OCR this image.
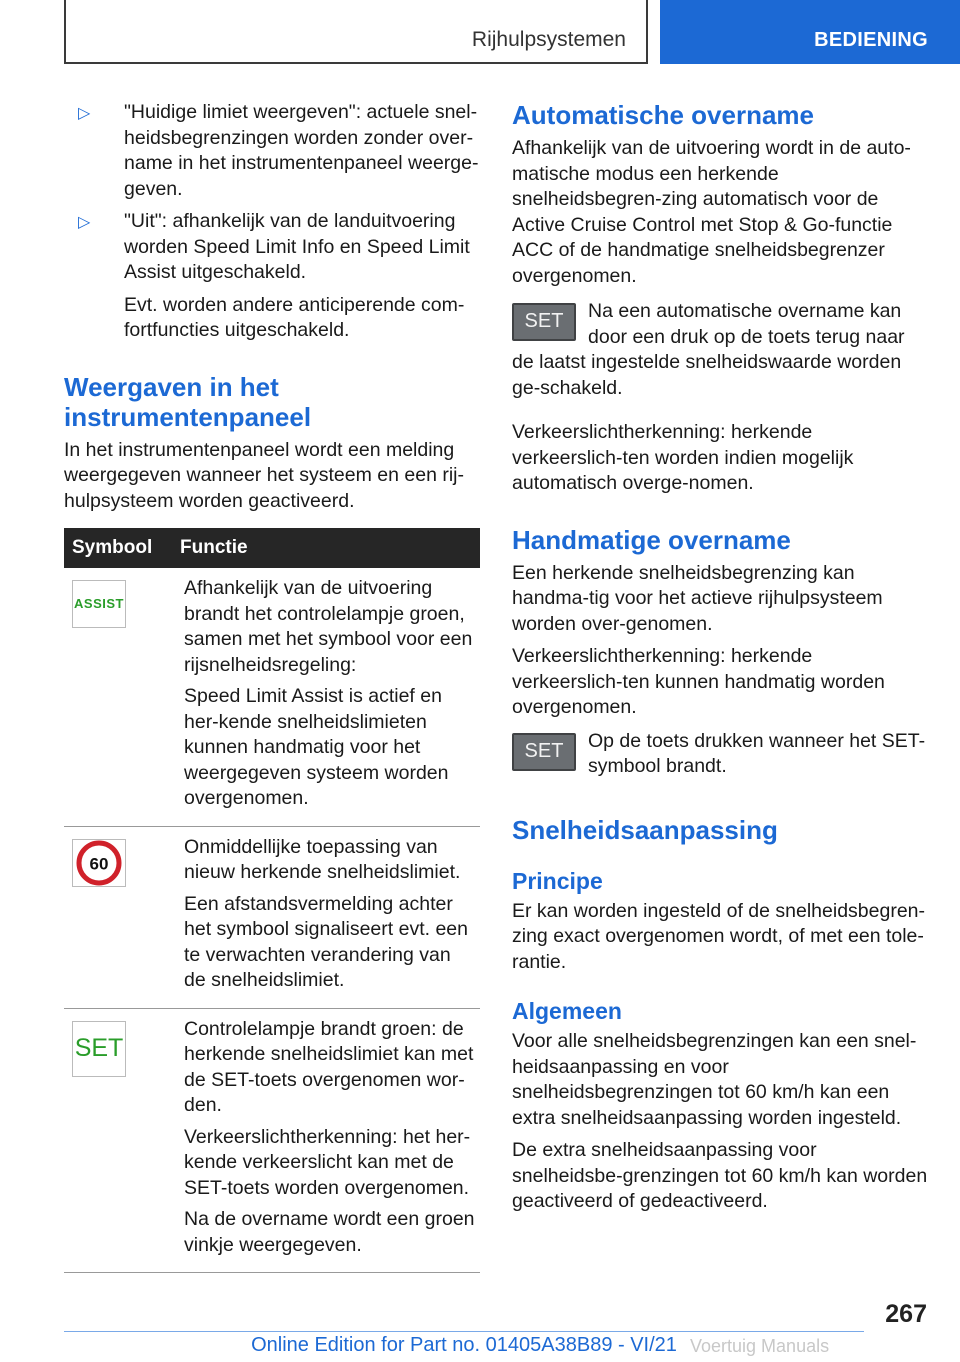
Rijhulpsystemen	BEDIENING
▷ "Huidige limiet weergeven": actuele snel-heidsbegrenzingen worden zonder over-name in het instrumentenpaneel weerge-geven.
▷ "Uit": afhankelijk van de landuitvoering worden Speed Limit Info en Speed Limit Assist uitgeschakeld.
Evt. worden andere anticiperende com-fortfuncties uitgeschakeld.
Weergaven in het instrumentenpaneel

In het instrumentenpaneel wordt een melding weergegeven wanneer het systeem en een rij-hulpsysteem worden geactiveerd.

Symbool	Functie

ASSIST	Afhankelijk van de uitvoering brandt het controlelampje groen, samen met het symbool voor een rijsnelheidsregeling:

Speed Limit Assist is actief en her-kende snelheidslimieten kunnen handmatig voor het weergegeven systeem worden overgenomen.

60	Onmiddellijke toepassing van nieuw herkende snelheidslimiet.

Een afstandsvermelding achter het symbool signaliseert evt. een te verwachten verandering van de snelheidslimiet.

SET	Controlelampje brandt groen: de herkende snelheidslimiet kan met de SET-toets overgenomen wor-den.

Verkeerslichtherkenning: het her-kende verkeerslicht kan met de SET-toets worden overgenomen.

Na de overname wordt een groen vinkje weergegeven.

Automatische overname

Afhankelijk van de uitvoering wordt in de auto-matische modus een herkende snelheidsbegren-zing automatisch voor de Active Cruise Control met Stop & Go-functie ACC of de handmatige snelheidsbegrenzer overgenomen.

SET	Na een automatische overname kan door een druk op de toets terug naar de laatst ingestelde snelheidswaarde worden ge-schakeld.

Verkeerslichtherkenning: herkende verkeerslich-ten worden indien mogelijk automatisch overge-nomen.

Handmatige overname

Een herkende snelheidsbegrenzing kan handma-tig voor het actieve rijhulpsysteem worden over-genomen.

Verkeerslichtherkenning: herkende verkeerslich-ten kunnen handmatig worden overgenomen.

SET	Op de toets drukken wanneer het SET-symbool brandt.

Snelheidsaanpassing
Principe

Er kan worden ingesteld of de snelheidsbegren-zing exact overgenomen wordt, of met een tole-rantie.

Algemeen

Voor alle snelheidsbegrenzingen kan een snel-heidsaanpassing en voor snelheidsbegrenzingen tot 60 km/h kan een extra snelheidsaanpassing worden ingesteld.

De extra snelheidsaanpassing voor snelheidsbe-grenzingen tot 60 km/h kan worden geactiveerd of gedeactiveerd.

267
Online Edition for Part no. 01405A38B89 - VI/21 Voertuig Manuals
